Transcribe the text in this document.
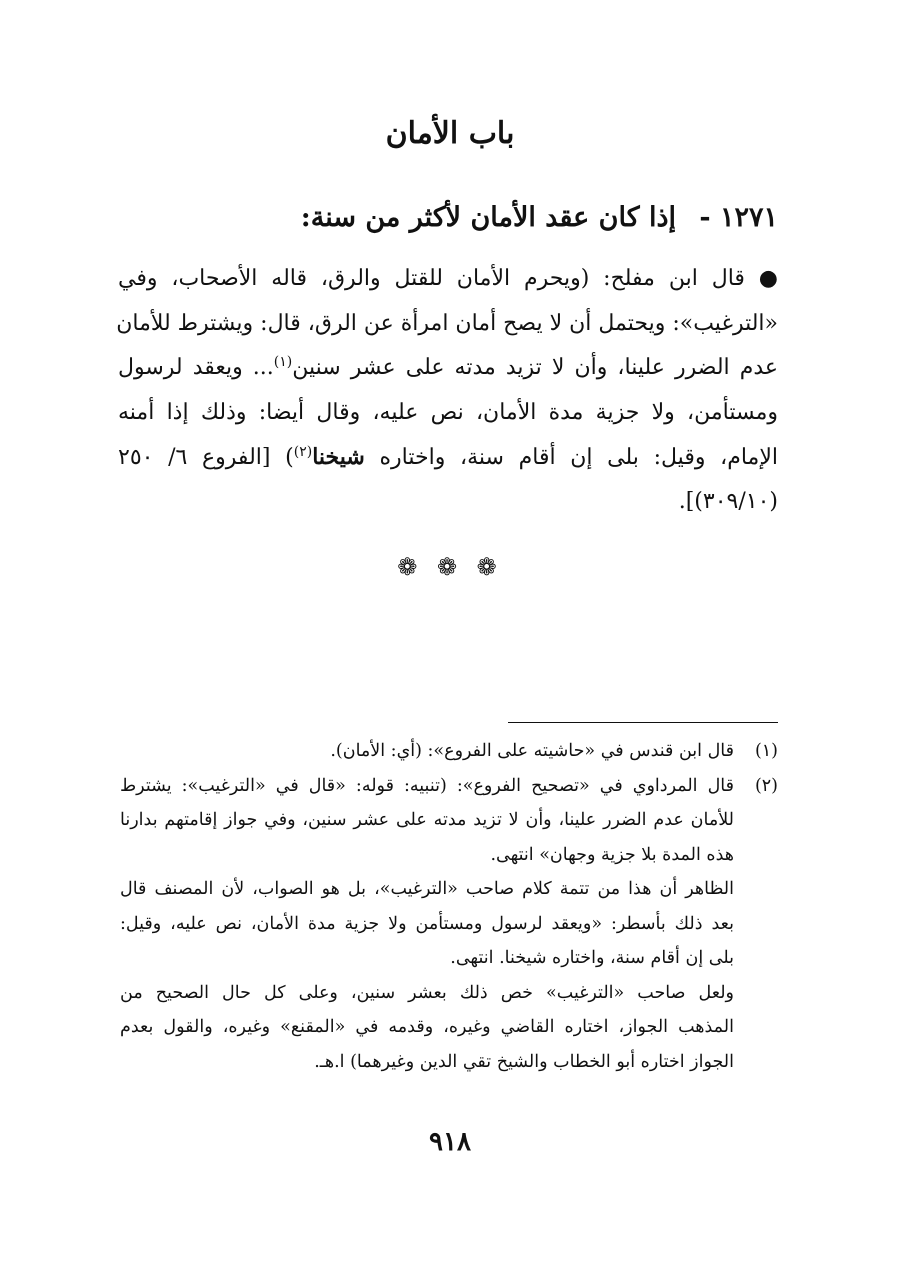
باب الأمان
١٢٧١ - إذا كان عقد الأمان لأكثر من سنة:
● قال ابن مفلح: (ويحرم الأمان للقتل والرق، قاله الأصحاب، وفي
«الترغيب»: ويحتمل أن لا يصح أمان امرأة عن الرق، قال: ويشترط للأمان
عدم الضرر علينا، وأن لا تزيد مدته على عشر سنين$^{(١)}$... ويعقد لرسول
ومستأمن، ولا جزية مدة الأمان، نص عليه، وقال أيضا: وذلك إذا أمنه
الإمام، وقيل: بلى إن أقام سنة، واختاره شيخنا$^{(٢)}$) [الفروع ٦/ ٢٥٠
(٣٠٩/١٠)].
❁ ❁ ❁
(١)
قال ابن قندس في «حاشيته على الفروع»: (أي: الأمان).
(٢)
قال المرداوي في «تصحيح الفروع»: (تنبيه: قوله: «قال في «الترغيب»: يشترط
للأمان عدم الضرر علينا، وأن لا تزيد مدته على عشر سنين، وفي جواز إقامتهم بدارنا
هذه المدة بلا جزية وجهان» انتهى.
الظاهر أن هذا من تتمة كلام صاحب «الترغيب»، بل هو الصواب، لأن المصنف قال
بعد ذلك بأسطر: «ويعقد لرسول ومستأمن ولا جزية مدة الأمان، نص عليه، وقيل:
بلى إن أقام سنة، واختاره شيخنا. انتهى.
ولعل صاحب «الترغيب» خص ذلك بعشر سنين، وعلى كل حال الصحيح من
المذهب الجواز، اختاره القاضي وغيره، وقدمه في «المقنع» وغيره، والقول بعدم
الجواز اختاره أبو الخطاب والشيخ تقي الدين وغيرهما) ا.هـ.
٩١٨
